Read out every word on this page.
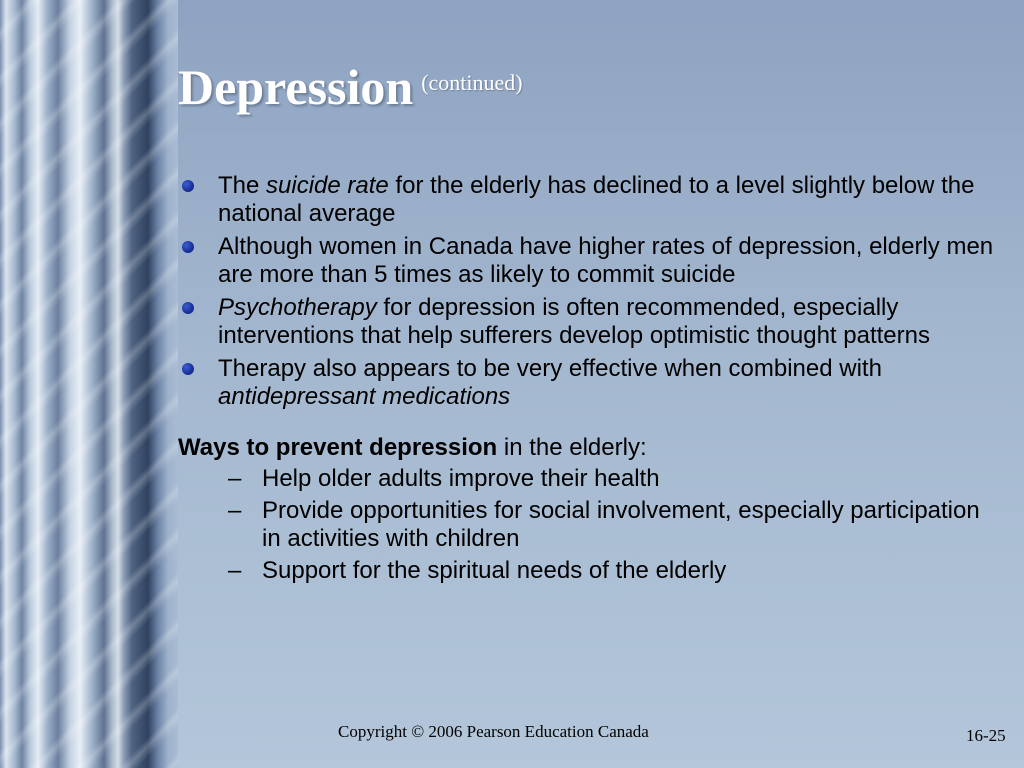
Depression $^{(continued)}$
The suicide rate for the elderly has declined to a level slightly below the national average
Although women in Canada have higher rates of depression, elderly men are more than 5 times as likely to commit suicide
Psychotherapy for depression is often recommended, especially interventions that help sufferers develop optimistic thought patterns
Therapy also appears to be very effective when combined with antidepressant medications
Ways to prevent depression in the elderly:
– Help older adults improve their health
– Provide opportunities for social involvement, especially participation in activities with children
– Support for the spiritual needs of the elderly
Copyright © 2006 Pearson Education Canada	16-25
